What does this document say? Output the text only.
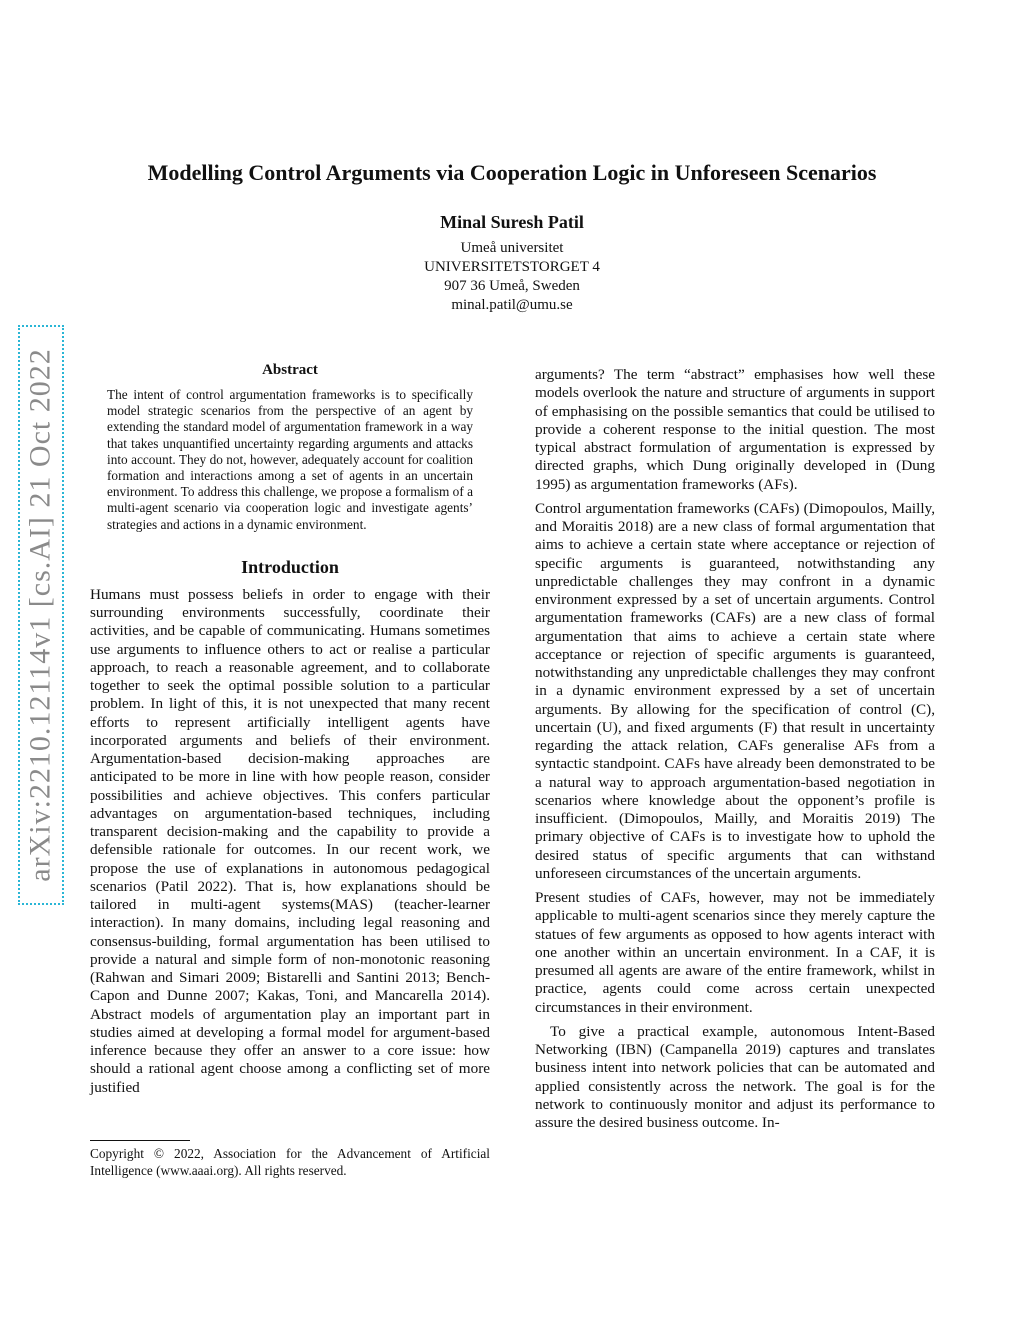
arXiv:2210.12114v1 [cs.AI] 21 Oct 2022
Modelling Control Arguments via Cooperation Logic in Unforeseen Scenarios
Minal Suresh Patil
Umeå universitet
UNIVERSITETSTORGET 4
907 36 Umeå, Sweden
minal.patil@umu.se
Abstract

The intent of control argumentation frameworks is to specifically model strategic scenarios from the perspective of an agent by extending the standard model of argumentation framework in a way that takes unquantified uncertainty regarding arguments and attacks into account. They do not, however, adequately account for coalition formation and interactions among a set of agents in an uncertain environment. To address this challenge, we propose a formalism of a multi-agent scenario via cooperation logic and investigate agents’ strategies and actions in a dynamic environment.

Introduction

Humans must possess beliefs in order to engage with their surrounding environments successfully, coordinate their activities, and be capable of communicating. Humans sometimes use arguments to influence others to act or realise a particular approach, to reach a reasonable agreement, and to collaborate together to seek the optimal possible solution to a particular problem. In light of this, it is not unexpected that many recent efforts to represent artificially intelligent agents have incorporated arguments and beliefs of their environment. Argumentation-based decision-making approaches are anticipated to be more in line with how people reason, consider possibilities and achieve objectives. This confers particular advantages on argumentation-based techniques, including transparent decision-making and the capability to provide a defensible rationale for outcomes. In our recent work, we propose the use of explanations in autonomous pedagogical scenarios (Patil 2022). That is, how explanations should be tailored in multi-agent systems(MAS) (teacher-learner interaction). In many domains, including legal reasoning and consensus-building, formal argumentation has been utilised to provide a natural and simple form of non-monotonic reasoning (Rahwan and Simari 2009; Bistarelli and Santini 2013; Bench-Capon and Dunne 2007; Kakas, Toni, and Mancarella 2014). Abstract models of argumentation play an important part in studies aimed at developing a formal model for argument-based inference because they offer an answer to a core issue: how should a rational agent choose among a conflicting set of more justified

arguments? The term “abstract” emphasises how well these models overlook the nature and structure of arguments in support of emphasising on the possible semantics that could be utilised to provide a coherent response to the initial question. The most typical abstract formulation of argumentation is expressed by directed graphs, which Dung originally developed in (Dung 1995) as argumentation frameworks (AFs).

Control argumentation frameworks (CAFs) (Dimopoulos, Mailly, and Moraitis 2018) are a new class of formal argumentation that aims to achieve a certain state where acceptance or rejection of specific arguments is guaranteed, notwithstanding any unpredictable challenges they may confront in a dynamic environment expressed by a set of uncertain arguments. Control argumentation frameworks (CAFs) are a new class of formal argumentation that aims to achieve a certain state where acceptance or rejection of specific arguments is guaranteed, notwithstanding any unpredictable challenges they may confront in a dynamic environment expressed by a set of uncertain arguments. By allowing for the specification of control (C), uncertain (U), and fixed arguments (F) that result in uncertainty regarding the attack relation, CAFs generalise AFs from a syntactic standpoint. CAFs have already been demonstrated to be a natural way to approach argumentation-based negotiation in scenarios where knowledge about the opponent’s profile is insufficient. (Dimopoulos, Mailly, and Moraitis 2019) The primary objective of CAFs is to investigate how to uphold the desired status of specific arguments that can withstand unforeseen circumstances of the uncertain arguments.

Present studies of CAFs, however, may not be immediately applicable to multi-agent scenarios since they merely capture the statues of few arguments as opposed to how agents interact with one another within an uncertain environment. In a CAF, it is presumed all agents are aware of the entire framework, whilst in practice, agents could come across certain unexpected circumstances in their environment.

To give a practical example, autonomous Intent-Based Networking (IBN) (Campanella 2019) captures and translates business intent into network policies that can be automated and applied consistently across the network. The goal is for the network to continuously monitor and adjust its performance to assure the desired business outcome. In-

Copyright © 2022, Association for the Advancement of Artificial Intelligence (www.aaai.org). All rights reserved.
